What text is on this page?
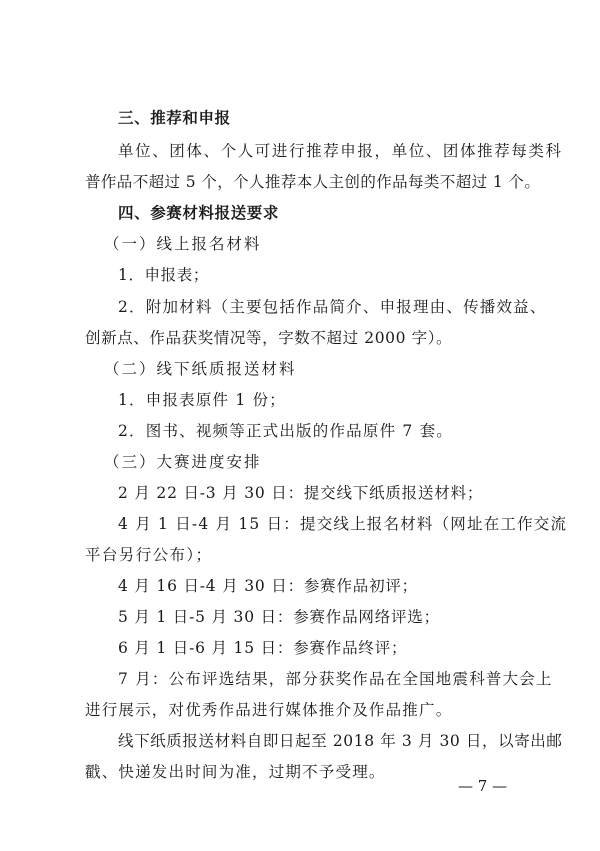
三、推荐和申报
单位、团体、个人可进行推荐申报，单位、团体推荐每类科
普作品不超过 5 个，个人推荐本人主创的作品每类不超过 1 个。
四、参赛材料报送要求
（一）线上报名材料
1．申报表；
2．附加材料（主要包括作品简介、申报理由、传播效益、
创新点、作品获奖情况等，字数不超过 2000 字）。
（二）线下纸质报送材料
1．申报表原件 1 份；
2．图书、视频等正式出版的作品原件 7 套。
（三）大赛进度安排
2 月 22 日-3 月 30 日：提交线下纸质报送材料；
4 月 1 日-4 月 15 日：提交线上报名材料（网址在工作交流
平台另行公布）；
4 月 16 日-4 月 30 日：参赛作品初评；
5 月 1 日-5 月 30 日：参赛作品网络评选；
6 月 1 日-6 月 15 日：参赛作品终评；
7 月：公布评选结果，部分获奖作品在全国地震科普大会上
进行展示，对优秀作品进行媒体推介及作品推广。
线下纸质报送材料自即日起至 2018 年 3 月 30 日，以寄出邮
戳、快递发出时间为准，过期不予受理。
— 7 —
